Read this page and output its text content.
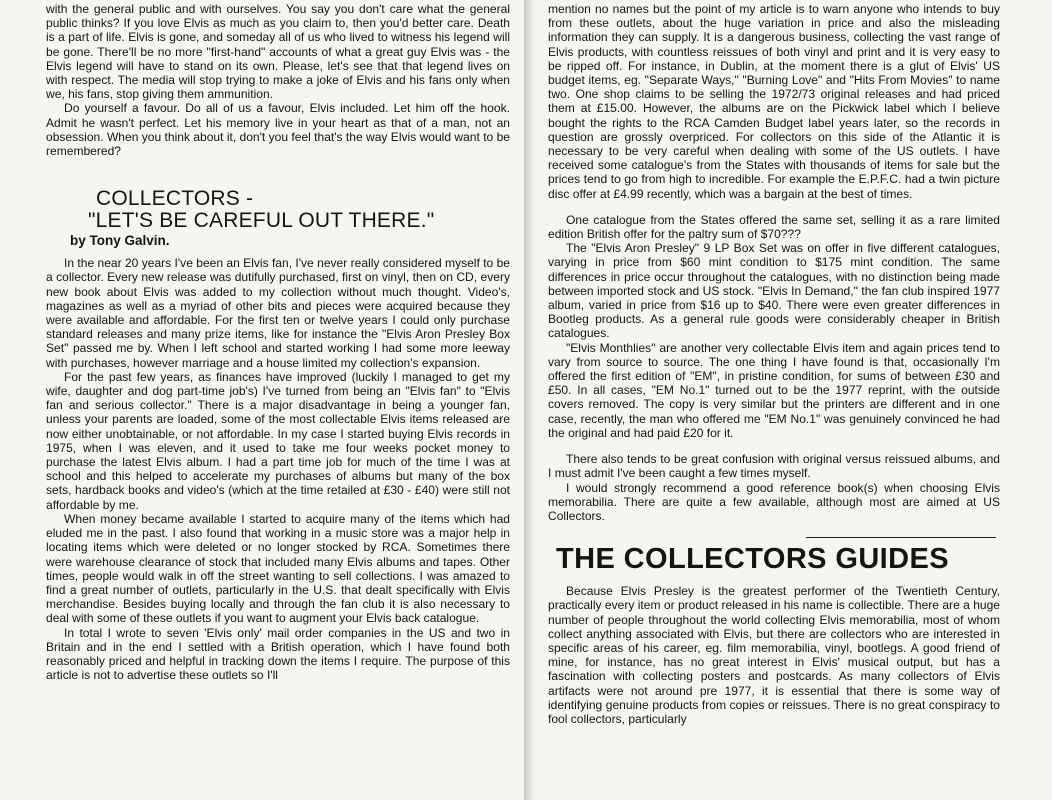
with the general public and with ourselves. You say you don't care what the general public thinks? If you love Elvis as much as you claim to, then you'd better care. Death is a part of life. Elvis is gone, and someday all of us who lived to witness his legend will be gone. There'll be no more "first-hand" accounts of what a great guy Elvis was - the Elvis legend will have to stand on its own. Please, let's see that that legend lives on with respect. The media will stop trying to make a joke of Elvis and his fans only when we, his fans, stop giving them ammunition.

Do yourself a favour. Do all of us a favour, Elvis included. Let him off the hook. Admit he wasn't perfect. Let his memory live in your heart as that of a man, not an obsession. When you think about it, don't you feel that's the way Elvis would want to be remembered?

COLLECTORS -
"LET'S BE CAREFUL OUT THERE."
by Tony Galvin.

In the near 20 years I've been an Elvis fan, I've never really considered myself to be a collector. Every new release was dutifully purchased, first on vinyl, then on CD, every new book about Elvis was added to my collection without much thought. Video's, magazines as well as a myriad of other bits and pieces were acquired because they were available and affordable. For the first ten or twelve years I could only purchase standard releases and many prize items, like for instance the "Elvis Aron Presley Box Set" passed me by. When I left school and started working I had some more leeway with purchases, however marriage and a house limited my collection's expansion.

For the past few years, as finances have improved (luckily I managed to get my wife, daughter and dog part-time job's) I've turned from being an "Elvis fan" to "Elvis fan and serious collector." There is a major disadvantage in being a younger fan, unless your parents are loaded, some of the most collectable Elvis items released are now either unobtainable, or not affordable. In my case I started buying Elvis records in 1975, when I was eleven, and it used to take me four weeks pocket money to purchase the latest Elvis album. I had a part time job for much of the time I was at school and this helped to accelerate my purchases of albums but many of the box sets, hardback books and video's (which at the time retailed at £30 - £40) were still not affordable by me.

When money became available I started to acquire many of the items which had eluded me in the past. I also found that working in a music store was a major help in locating items which were deleted or no longer stocked by RCA. Sometimes there were warehouse clearance of stock that included many Elvis albums and tapes. Other times, people would walk in off the street wanting to sell collections. I was amazed to find a great number of outlets, particularly in the U.S. that dealt specifically with Elvis merchandise. Besides buying locally and through the fan club it is also necessary to deal with some of these outlets if you want to augment your Elvis back catalogue.

In total I wrote to seven 'Elvis only' mail order companies in the US and two in Britain and in the end I settled with a British operation, which I have found both reasonably priced and helpful in tracking down the items I require. The purpose of this article is not to advertise these outlets so I'll

mention no names but the point of my article is to warn anyone who intends to buy from these outlets, about the huge variation in price and also the misleading information they can supply. It is a dangerous business, collecting the vast range of Elvis products, with countless reissues of both vinyl and print and it is very easy to be ripped off. For instance, in Dublin, at the moment there is a glut of Elvis' US budget items, eg. "Separate Ways," "Burning Love" and "Hits From Movies" to name two. One shop claims to be selling the 1972/73 original releases and had priced them at £15.00. However, the albums are on the Pickwick label which I believe bought the rights to the RCA Camden Budget label years later, so the records in question are grossly overpriced. For collectors on this side of the Atlantic it is necessary to be very careful when dealing with some of the US outlets. I have received some catalogue's from the States with thousands of items for sale but the prices tend to go from high to incredible. For example the E.P.F.C. had a twin picture disc offer at £4.99 recently, which was a bargain at the best of times.

One catalogue from the States offered the same set, selling it as a rare limited edition British offer for the paltry sum of $70???

The "Elvis Aron Presley" 9 LP Box Set was on offer in five different catalogues, varying in price from $60 mint condition to $175 mint condition. The same differences in price occur throughout the catalogues, with no distinction being made between imported stock and US stock. "Elvis In Demand," the fan club inspired 1977 album, varied in price from $16 up to $40. There were even greater differences in Bootleg products. As a general rule goods were considerably cheaper in British catalogues.

"Elvis Monthlies" are another very collectable Elvis item and again prices tend to vary from source to source. The one thing I have found is that, occasionally I'm offered the first edition of "EM", in pristine condition, for sums of between £30 and £50. In all cases, "EM No.1" turned out to be the 1977 reprint, with the outside covers removed. The copy is very similar but the printers are different and in one case, recently, the man who offered me "EM No.1" was genuinely convinced he had the original and had paid £20 for it.

There also tends to be great confusion with original versus reissued albums, and I must admit I've been caught a few times myself.

I would strongly recommend a good reference book(s) when choosing Elvis memorabilia. There are quite a few available, although most are aimed at US Collectors.

THE COLLECTORS GUIDES

Because Elvis Presley is the greatest performer of the Twentieth Century, practically every item or product released in his name is collectible. There are a huge number of people throughout the world collecting Elvis memorabilia, most of whom collect anything associated with Elvis, but there are collectors who are interested in specific areas of his career, eg. film memorabilia, vinyl, bootlegs. A good friend of mine, for instance, has no great interest in Elvis' musical output, but has a fascination with collecting posters and postcards. As many collectors of Elvis artifacts were not around pre 1977, it is essential that there is some way of identifying genuine products from copies or reissues. There is no great conspiracy to fool collectors, particularly
